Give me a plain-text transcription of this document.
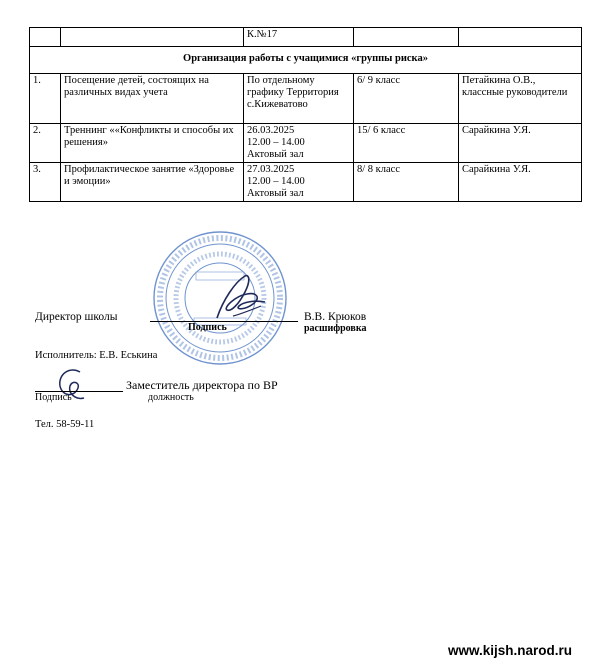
		К.№17		
Организация работы с учащимися «группы риска»				
1.	Посещение детей, состоящих на различных видах учета	По отдельному графику Территория с.Кижеватово	6/ 9 класс	Петайкина О.В., классные руководители
2.	Треннинг ««Конфликты и способы их решения»	26.03.2025
12.00 – 14.00
Актовый зал	15/ 6 класс	Сарайкина У.Я.
3.	Профилактическое занятие «Здоровье и эмоции»	27.03.2025
12.00 – 14.00
Актовый зал	8/ 8 класс	Сарайкина У.Я.
Директор школы
Подпись
В.В. Крюков
расшифровка
Исполнитель: Е.В. Еськина
Заместитель директора по ВР
Подпись	должность
Тел. 58-59-11
www.kijsh.narod.ru
